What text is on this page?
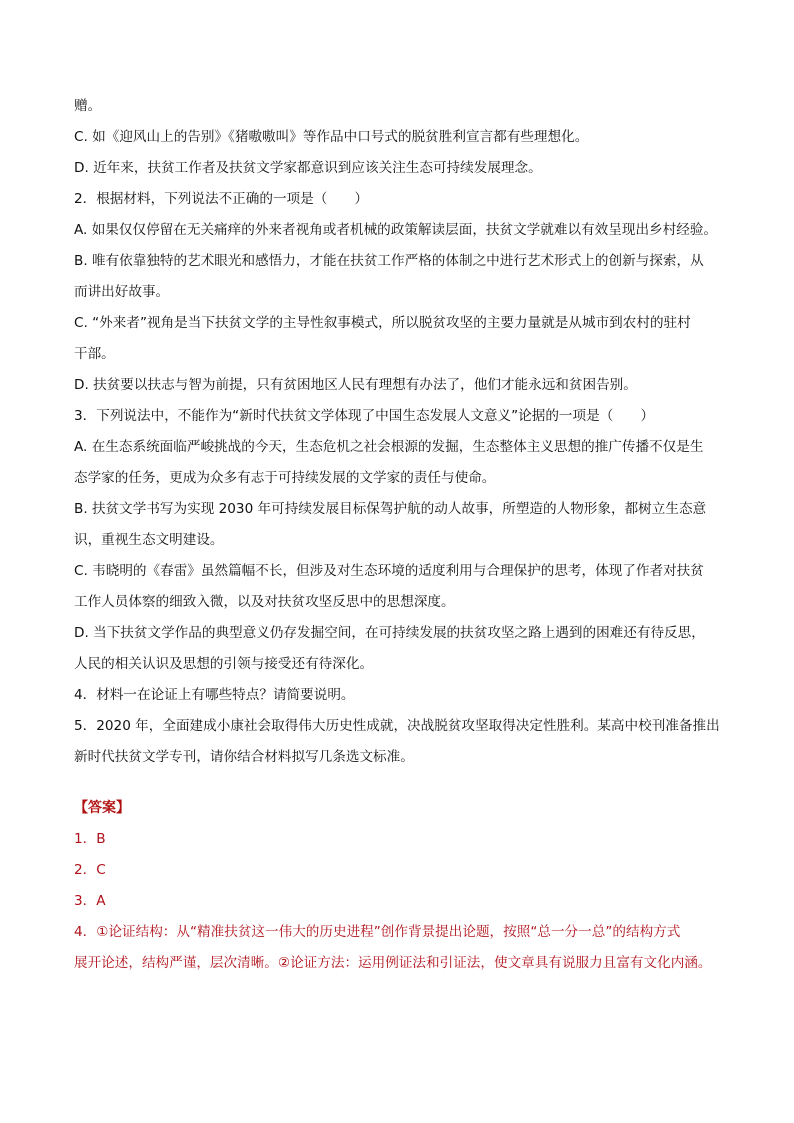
赠。

C. 如《迎风山上的告别》《猪嗷嗷叫》等作品中口号式的脱贫胜利宣言都有些理想化。

D. 近年来，扶贫工作者及扶贫文学家都意识到应该关注生态可持续发展理念。

2．根据材料，下列说法不正确的一项是（　　）

A. 如果仅仅停留在无关痛痒的外来者视角或者机械的政策解读层面，扶贫文学就难以有效呈现出乡村经验。

B. 唯有依靠独特的艺术眼光和感悟力，才能在扶贫工作严格的体制之中进行艺术形式上的创新与探索，从

而讲出好故事。

C. “外来者”视角是当下扶贫文学的主导性叙事模式，所以脱贫攻坚的主要力量就是从城市到农村的驻村

干部。

D. 扶贫要以扶志与智为前提，只有贫困地区人民有理想有办法了，他们才能永远和贫困告别。

3．下列说法中，不能作为“新时代扶贫文学体现了中国生态发展人文意义”论据的一项是（　　）

A. 在生态系统面临严峻挑战的今天，生态危机之社会根源的发掘，生态整体主义思想的推广传播不仅是生

态学家的任务，更成为众多有志于可持续发展的文学家的责任与使命。

B. 扶贫文学书写为实现 2030 年可持续发展目标保驾护航的动人故事，所塑造的人物形象，都树立生态意

识，重视生态文明建设。

C. 韦晓明的《春雷》虽然篇幅不长，但涉及对生态环境的适度利用与合理保护的思考，体现了作者对扶贫

工作人员体察的细致入微，以及对扶贫攻坚反思中的思想深度。

D. 当下扶贫文学作品的典型意义仍存发掘空间，在可持续发展的扶贫攻坚之路上遇到的困难还有待反思，

人民的相关认识及思想的引领与接受还有待深化。

4．材料一在论证上有哪些特点？请简要说明。

5．2020 年，全面建成小康社会取得伟大历史性成就，决战脱贫攻坚取得决定性胜利。某高中校刊准备推出

新时代扶贫文学专刊，请你结合材料拟写几条选文标准。

【答案】

1．B

2．C

3．A

4．①论证结构：从“精准扶贫这一伟大的历史进程”创作背景提出论题，按照“总一分一总”的结构方式

展开论述，结构严谨，层次清晰。②论证方法：运用例证法和引证法，使文章具有说服力且富有文化内涵。
